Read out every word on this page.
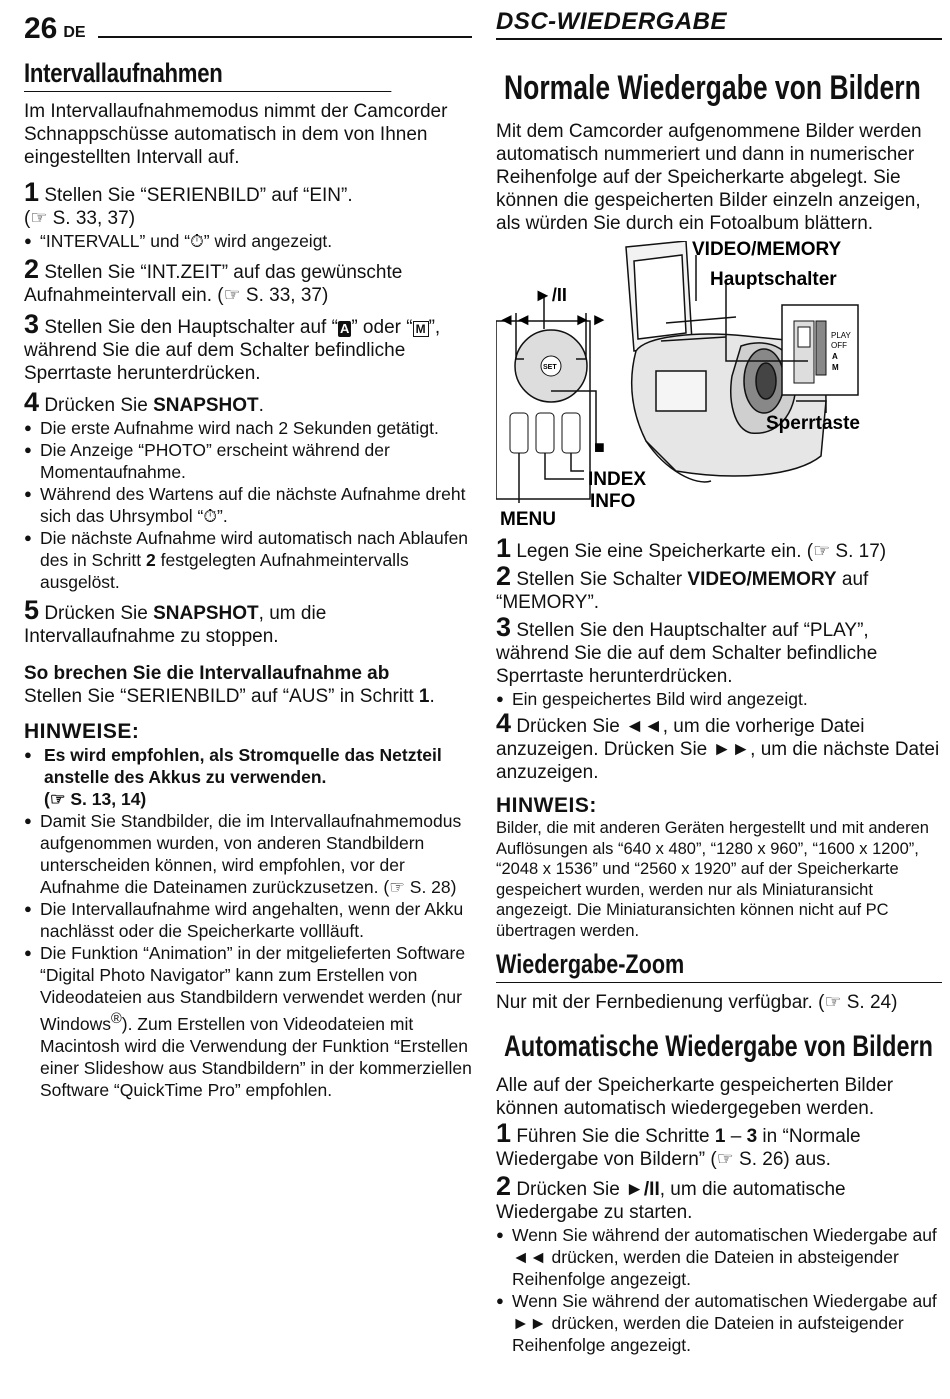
26 DE
Intervallaufnahmen

Im Intervallaufnahmemodus nimmt der Camcorder Schnappschüsse automatisch in dem von Ihnen eingestellten Intervall auf.

1 Stellen Sie “SERIENBILD” auf “EIN”.
(☞ S. 33, 37)
● “INTERVALL” und “⏱” wird angezeigt.
2 Stellen Sie “INT.ZEIT” auf das gewünschte Aufnahmeintervall ein. (☞ S. 33, 37)
3 Stellen Sie den Hauptschalter auf “ A ” oder “ M ”, während Sie die auf dem Schalter befindliche Sperrtaste herunterdrücken.
4 Drücken Sie SNAPSHOT.
● Die erste Aufnahme wird nach 2 Sekunden getätigt.
● Die Anzeige “PHOTO” erscheint während der Momentaufnahme.
● Während des Wartens auf die nächste Aufnahme dreht sich das Uhrsymbol “⏱”.
● Die nächste Aufnahme wird automatisch nach Ablaufen des in Schritt 2 festgelegten Aufnahmeintervalls ausgelöst.
5 Drücken Sie SNAPSHOT, um die Intervallaufnahme zu stoppen.
So brechen Sie die Intervallaufnahme ab
Stellen Sie “SERIENBILD” auf “AUS” in Schritt 1.
HINWEISE:
● Es wird empfohlen, als Stromquelle das Netzteil anstelle des Akkus zu verwenden.
(☞ S. 13, 14)
● Damit Sie Standbilder, die im Intervallaufnahmemodus aufgenommen wurden, von anderen Standbildern unterscheiden können, wird empfohlen, vor der Aufnahme die Dateinamen zurückzusetzen. (☞ S. 28)
● Die Intervallaufnahme wird angehalten, wenn der Akku nachlässt oder die Speicherkarte vollläuft.
● Die Funktion “Animation” in der mitgelieferten Software “Digital Photo Navigator” kann zum Erstellen von Videodateien aus Standbildern verwendet werden (nur Windows®). Zum Erstellen von Videodateien mit Macintosh wird die Verwendung der Funktion “Erstellen einer Slideshow aus Standbildern” in der kommerziellen Software “QuickTime Pro” empfohlen.
DSC-WIEDERGABE
Normale Wiedergabe von Bildern

Mit dem Camcorder aufgenommene Bilder werden automatisch nummeriert und dann in numerischer Reihenfolge auf der Speicherkarte abgelegt. Sie können die gespeicherten Bilder einzeln anzeigen, als würden Sie durch ein Fotoalbum blättern.

PLAY
OFF
A
M
SET
VIDEO/MEMORY
Hauptschalter
►/II
◄◄ ►►
Sperrtaste
■
INDEX
INFO
MENU
1 Legen Sie eine Speicherkarte ein. (☞ S. 17)
2 Stellen Sie Schalter VIDEO/MEMORY auf “MEMORY”.
3 Stellen Sie den Hauptschalter auf “PLAY”, während Sie die auf dem Schalter befindliche Sperrtaste herunterdrücken.
● Ein gespeichertes Bild wird angezeigt.
4 Drücken Sie ◄◄, um die vorherige Datei anzuzeigen. Drücken Sie ►►, um die nächste Datei anzuzeigen.
HINWEIS:

Bilder, die mit anderen Geräten hergestellt und mit anderen Auflösungen als “640 x 480”, “1280 x 960”, “1600 x 1200”, “2048 x 1536” und “2560 x 1920” auf der Speicherkarte gespeichert wurden, werden nur als Miniaturansicht angezeigt. Die Miniaturansichten können nicht auf PC übertragen werden.

Wiedergabe-Zoom
Nur mit der Fernbedienung verfügbar. (☞ S. 24)
Automatische Wiedergabe von Bildern

Alle auf der Speicherkarte gespeicherten Bilder können automatisch wiedergegeben werden.

1 Führen Sie die Schritte 1 – 3 in “Normale Wiedergabe von Bildern” (☞ S. 26) aus.
2 Drücken Sie ►/II, um die automatische Wiedergabe zu starten.
● Wenn Sie während der automatischen Wiedergabe auf ◄◄ drücken, werden die Dateien in absteigender Reihenfolge angezeigt.
● Wenn Sie während der automatischen Wiedergabe auf ►► drücken, werden die Dateien in aufsteigender Reihenfolge angezeigt.
